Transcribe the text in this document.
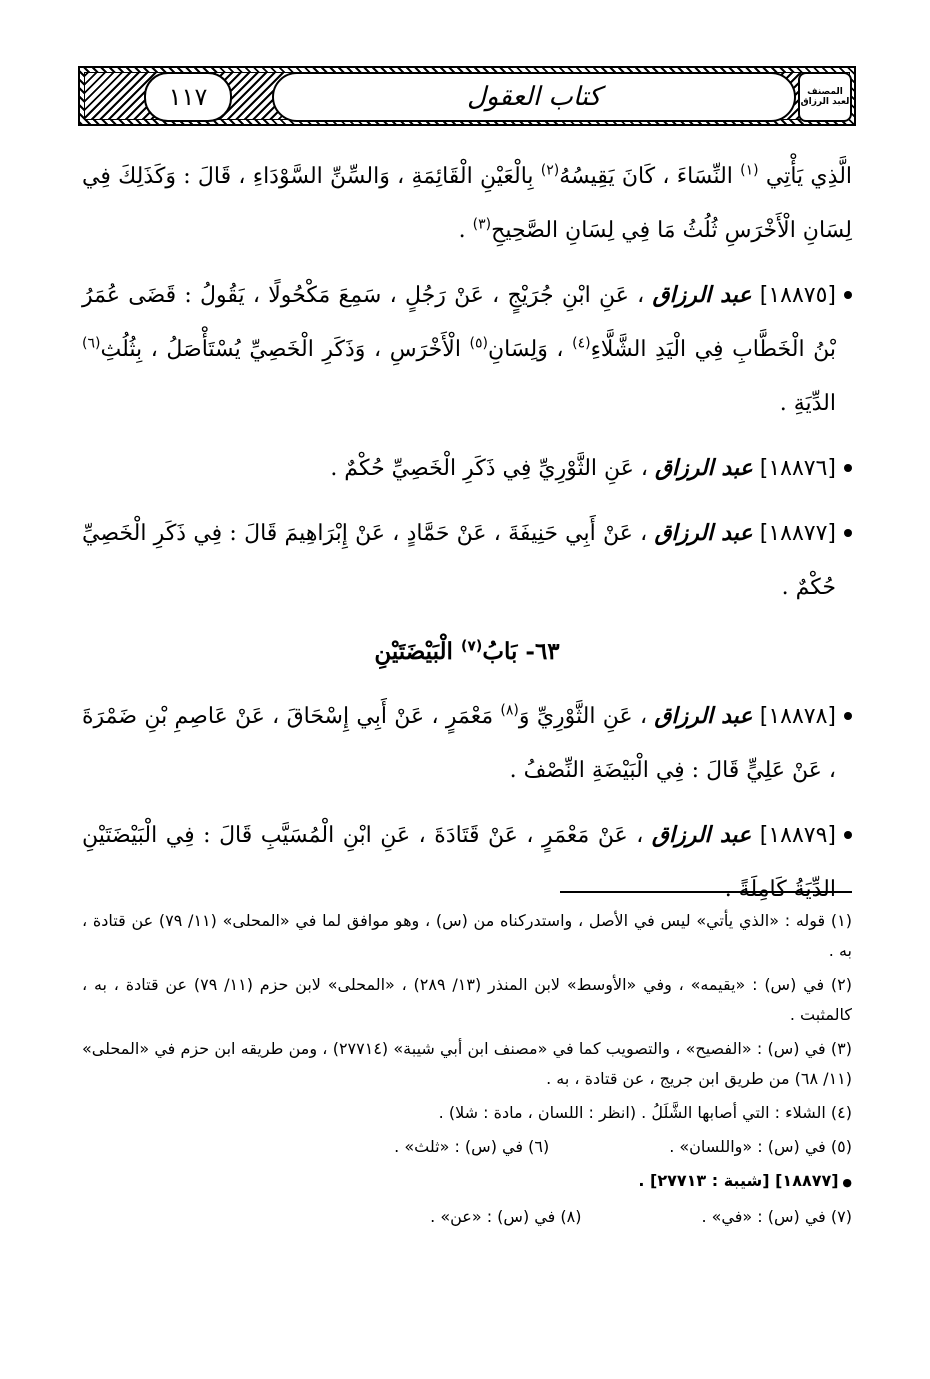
١١٧	كتاب العقول	المصنف
لعبد الرزاق

الَّذِي يَأْتِي $^{(١)}$ النِّسَاءَ ، كَانَ يَقِيسُهُ$^{(٢)}$ بِالْعَيْنِ الْقَائِمَةِ ، وَالسِّنِّ السَّوْدَاءِ ، قَالَ : وَكَذَلِكَ فِي لِسَانِ الْأَخْرَسِ ثُلُثُ مَا فِي لِسَانِ الصَّحِيحِ$^{(٣)}$ .

[١٨٨٧٥] عبد الرزاق ، عَنِ ابْنِ جُرَيْجٍ ، عَنْ رَجُلٍ ، سَمِعَ مَكْحُولًا ، يَقُولُ : قَضَى عُمَرُ بْنُ الْخَطَّابِ فِي الْيَدِ الشَّلَّاءِ$^{(٤)}$ ، وَلِسَانِ$^{(٥)}$ الْأَخْرَسِ ، وَذَكَرِ الْخَصِيِّ يُسْتَأْصَلُ ، بِثُلُثِ$^{(٦)}$ الدِّيَةِ .

[١٨٨٧٦] عبد الرزاق ، عَنِ الثَّوْرِيِّ فِي ذَكَرِ الْخَصِيِّ حُكْمٌ .

[١٨٨٧٧] عبد الرزاق ، عَنْ أَبِي حَنِيفَةَ ، عَنْ حَمَّادٍ ، عَنْ إِبْرَاهِيمَ قَالَ : فِي ذَكَرِ الْخَصِيِّ حُكْمٌ .

٦٣- بَابُ$^{(٧)}$ الْبَيْضَتَيْنِ

[١٨٨٧٨] عبد الرزاق ، عَنِ الثَّوْرِيِّ وَ$^{(٨)}$ مَعْمَرٍ ، عَنْ أَبِي إِسْحَاقَ ، عَنْ عَاصِمِ بْنِ ضَمْرَةَ ، عَنْ عَلِيٍّ قَالَ : فِي الْبَيْضَةِ النِّصْفُ .

[١٨٨٧٩] عبد الرزاق ، عَنْ مَعْمَرٍ ، عَنْ قَتَادَةَ ، عَنِ ابْنِ الْمُسَيَّبِ قَالَ : فِي الْبَيْضَتَيْنِ الدِّيَةُ كَامِلَةً .

(١) قوله : «الذي يأتي» ليس في الأصل ، واستدركناه من (س) ، وهو موافق لما في «المحلى» (١١/ ٧٩) عن قتادة ، به .

(٢) في (س) : «يقيمه» ، وفي «الأوسط» لابن المنذر (١٣/ ٢٨٩) ، «المحلى» لابن حزم (١١/ ٧٩) عن قتادة ، به ، كالمثبت .

(٣) في (س) : «الفصيح» ، والتصويب كما في «مصنف ابن أبي شيبة» (٢٧٧١٤) ، ومن طريقه ابن حزم في «المحلى» (١١/ ٦٨) من طريق ابن جريج ، عن قتادة ، به .

(٤) الشلاء : التي أصابها الشَّلَلُ . (انظر : اللسان ، مادة : شلا) .

(٥) في (س) : «واللسان» .
(٦) في (س) : «ثلث» .

● [١٨٨٧٧] [شيبة : ٢٧٧١٣] .

(٧) في (س) : «في» .
(٨) في (س) : «عن» .
